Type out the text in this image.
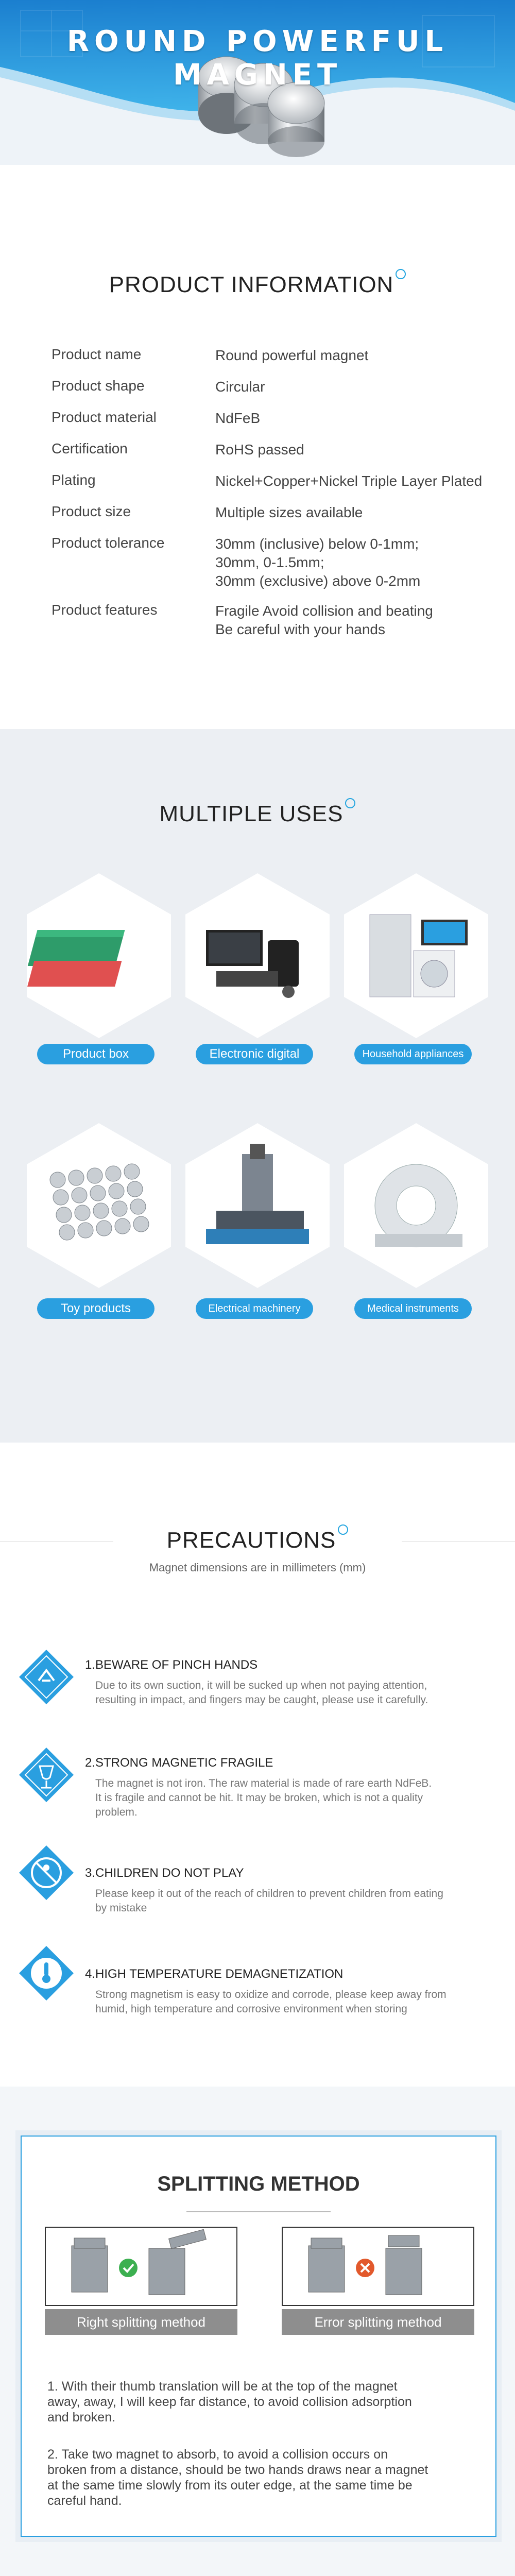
ROUND POWERFUL MAGNET
PRODUCT INFORMATION
Product name	Round powerful magnet
Product shape	Circular
Product material	NdFeB
Certification	RoHS passed
Plating	Nickel+Copper+Nickel Triple Layer Plated
Product size	Multiple sizes available
Product tolerance	30mm (inclusive) below 0-1mm;
30mm, 0-1.5mm;
30mm (exclusive) above 0-2mm
Product features	Fragile Avoid collision and beating
Be careful with your hands
MULTIPLE USES
Product box	Electronic digital	Household appliances
Toy products	Electrical machinery	Medical instruments
PRECAUTIONS
Magnet dimensions are in millimeters (mm)
1.BEWARE OF PINCH HANDS
Due to its own suction, it will be sucked up when not paying attention,
resulting in impact, and fingers may be caught, please use it carefully.
2.STRONG MAGNETIC FRAGILE
The magnet is not iron. The raw material is made of rare earth NdFeB.
It is fragile and cannot be hit. It may be broken, which is not a quality
problem.
3.CHILDREN DO NOT PLAY
Please keep it out of the reach of children to prevent children from eating
by mistake
4.HIGH TEMPERATURE DEMAGNETIZATION
Strong magnetism is easy to oxidize and corrode, please keep away from
humid, high temperature and corrosive environment when storing
SPLITTING METHOD
Right splitting method	Error splitting method
1. With their thumb translation will be at the top of the magnet
away, away, I will keep far distance, to avoid collision adsorption
and broken.
2. Take two magnet to absorb, to avoid a collision occurs on
broken from a distance, should be two hands draws near a magnet
at the same time slowly from its outer edge, at the same time be
careful hand.
